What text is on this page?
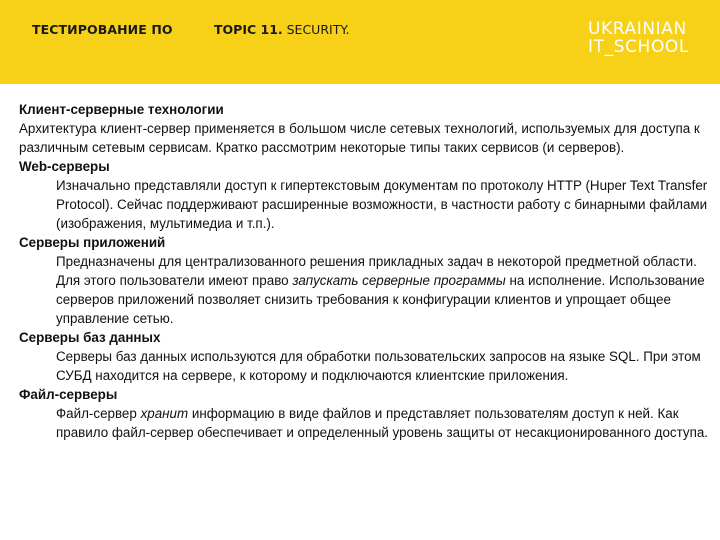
ТЕСТИРОВАНИЕ ПО	TOPIC 11. SECURITY.	UKRAINIAN
IT_SCHOOL

Клиент-серверные технологии

Архитектура клиент-сервер применяется в большом числе сетевых технологий, используемых для доступа к различным сетевым сервисам. Кратко рассмотрим некоторые типы таких сервисов (и серверов).

Web-серверы

Изначально представляли доступ к гипертекстовым документам по протоколу HTTP (Huper Text Transfer Protocol). Сейчас поддерживают расширенные возможности, в частности работу с бинарными файлами (изображения, мультимедиа и т.п.).

Серверы приложений

Предназначены для централизованного решения прикладных задач в некоторой предметной области. Для этого пользователи имеют право запускать серверные программы на исполнение. Использование серверов приложений позволяет снизить требования к конфигурации клиентов и упрощает общее управление сетью.

Серверы баз данных

Серверы баз данных используются для обработки пользовательских запросов на языке SQL. При этом СУБД находится на сервере, к которому и подключаются клиентские приложения.

Файл-серверы

Файл-сервер хранит информацию в виде файлов и представляет пользователям доступ к ней. Как правило файл-сервер обеспечивает и определенный уровень защиты от несакционированного доступа.
